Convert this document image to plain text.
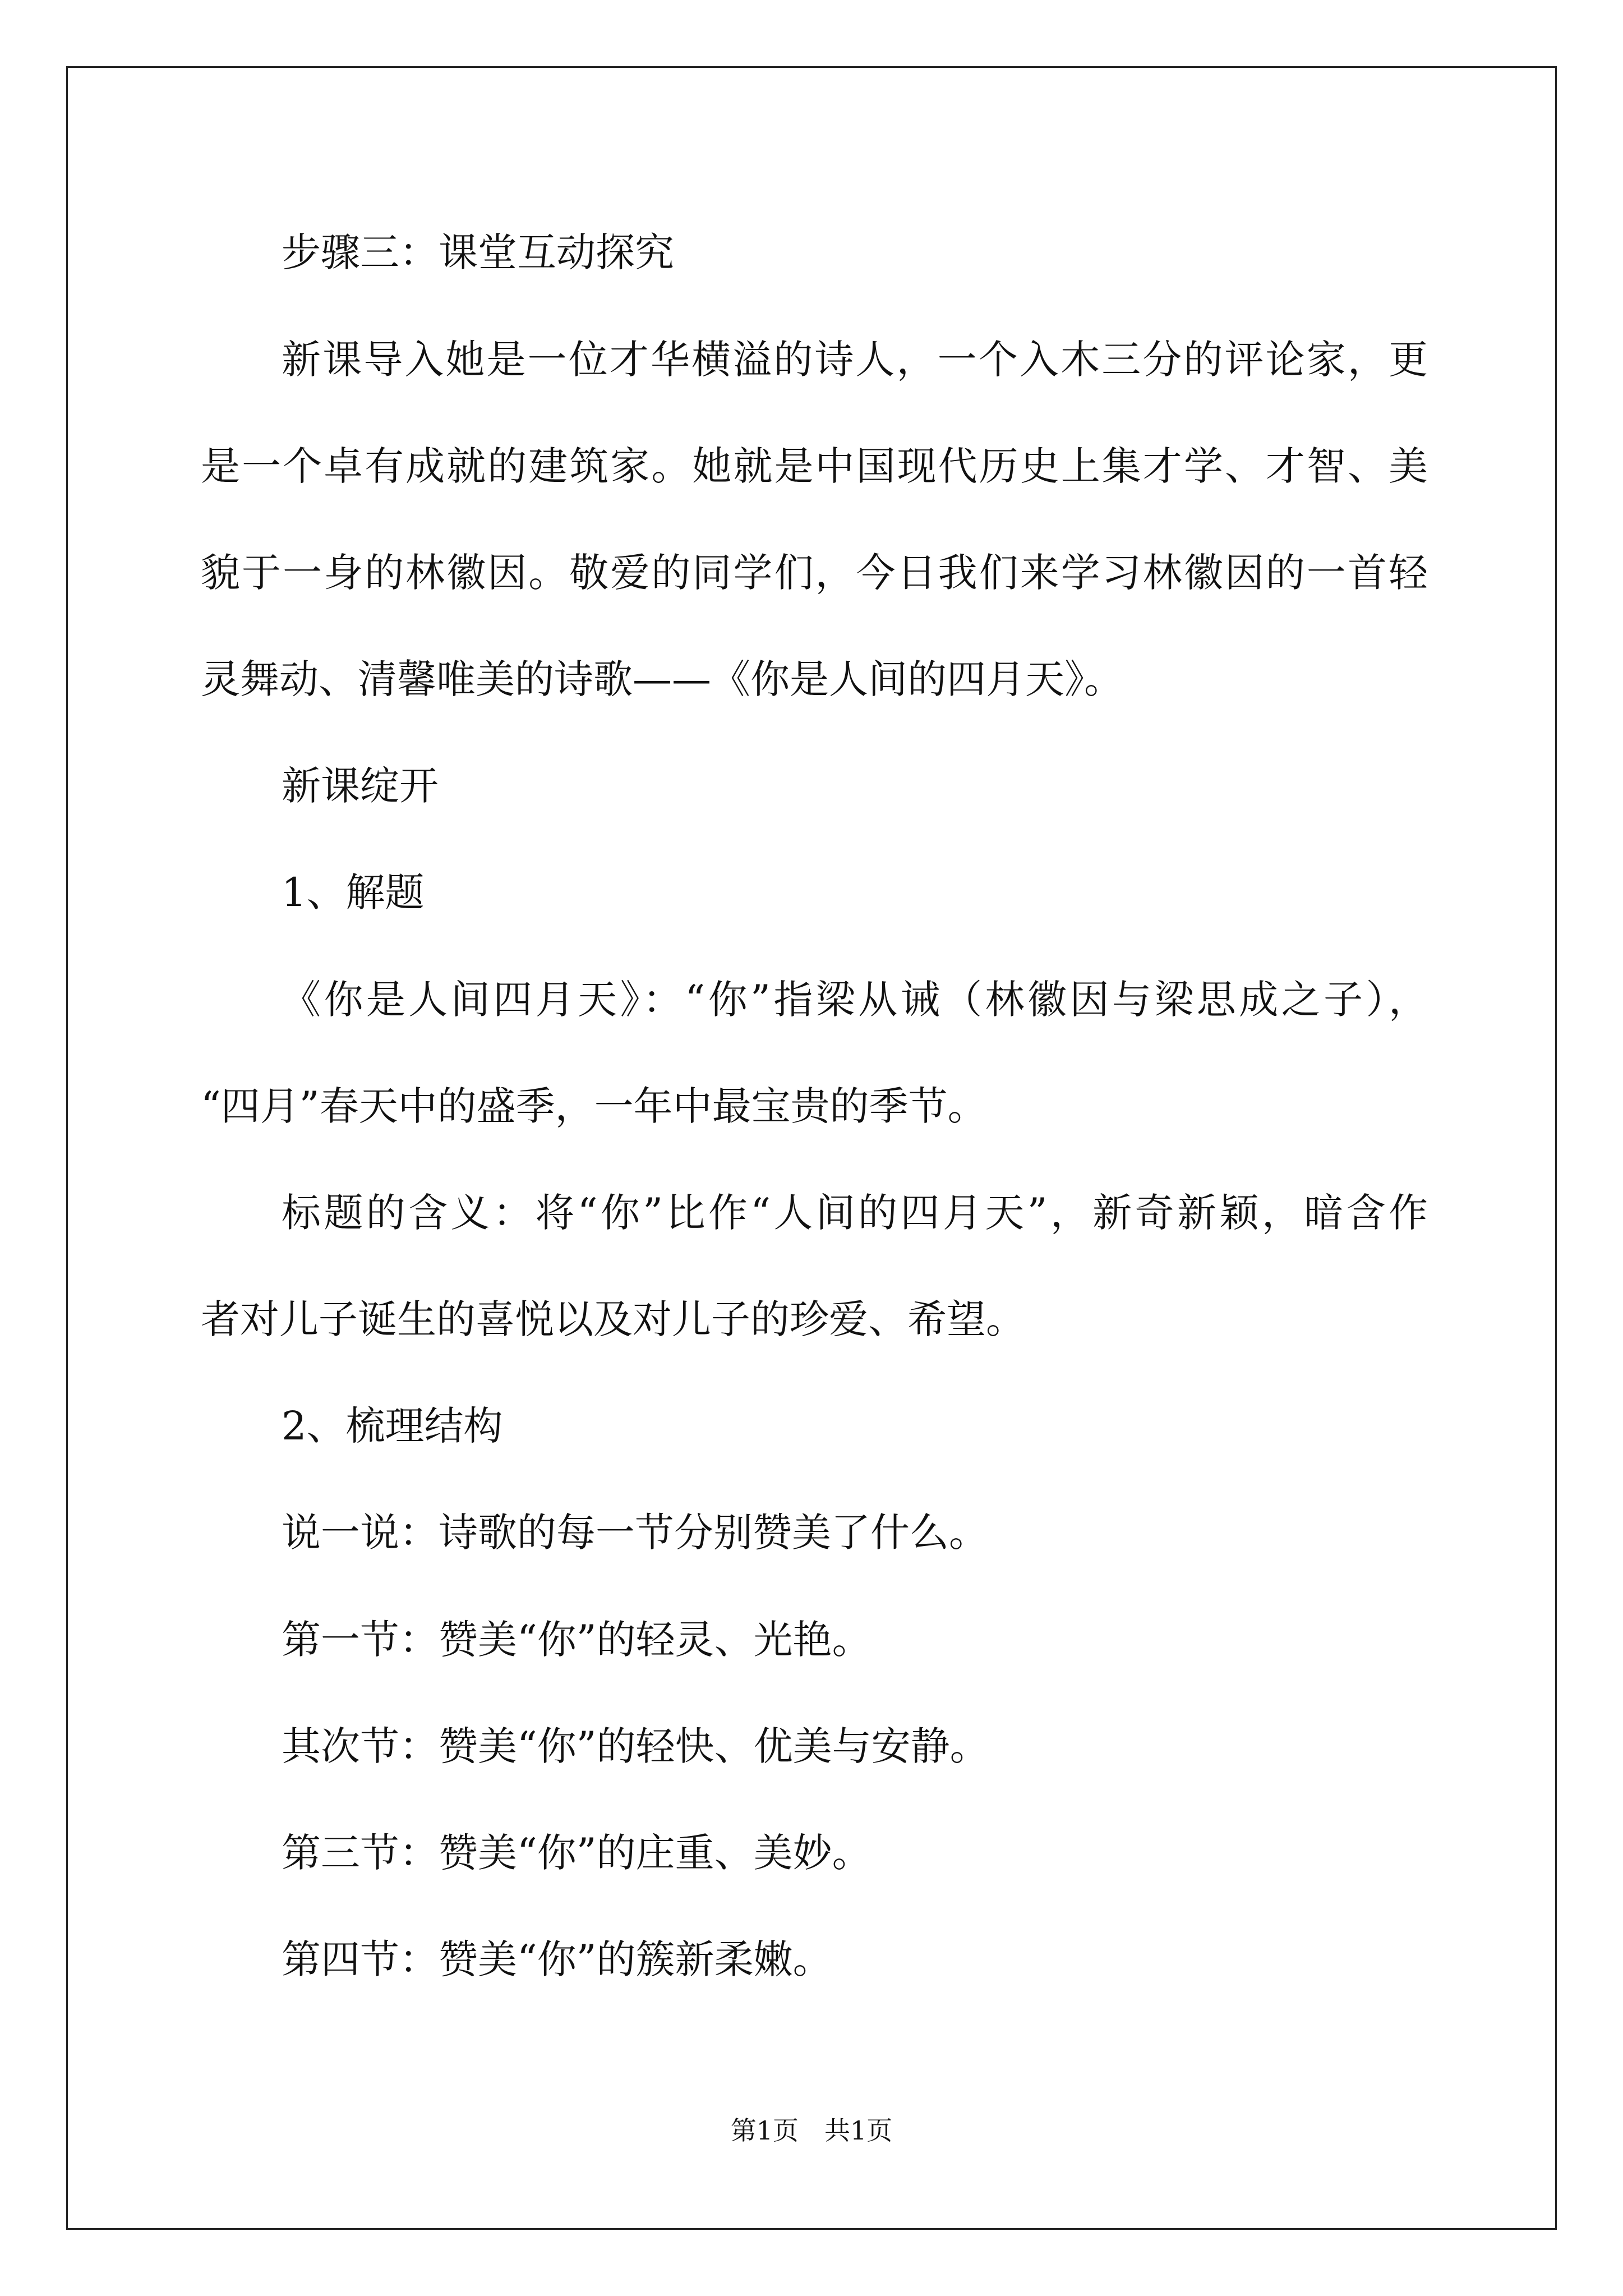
步骤三：课堂互动探究

新课导入她是一位才华横溢的诗人，一个入木三分的评论家，更

是一个卓有成就的建筑家。她就是中国现代历史上集才学、才智、美

貌于一身的林徽因。敬爱的同学们，今日我们来学习林徽因的一首轻

灵舞动、清馨唯美的诗歌——《你是人间的四月天》。

新课绽开

1、解题

《你是人间四月天》：“你”指梁从诫（林徽因与梁思成之子），

“四月”春天中的盛季，一年中最宝贵的季节。

标题的含义：将“你”比作“人间的四月天”，新奇新颖，暗含作

者对儿子诞生的喜悦以及对儿子的珍爱、希望。

2、梳理结构

说一说：诗歌的每一节分别赞美了什么。

第一节：赞美“你”的轻灵、光艳。

其次节：赞美“你”的轻快、优美与安静。

第三节：赞美“你”的庄重、美妙。

第四节：赞美“你”的簇新柔嫩。

第1页　共1页
